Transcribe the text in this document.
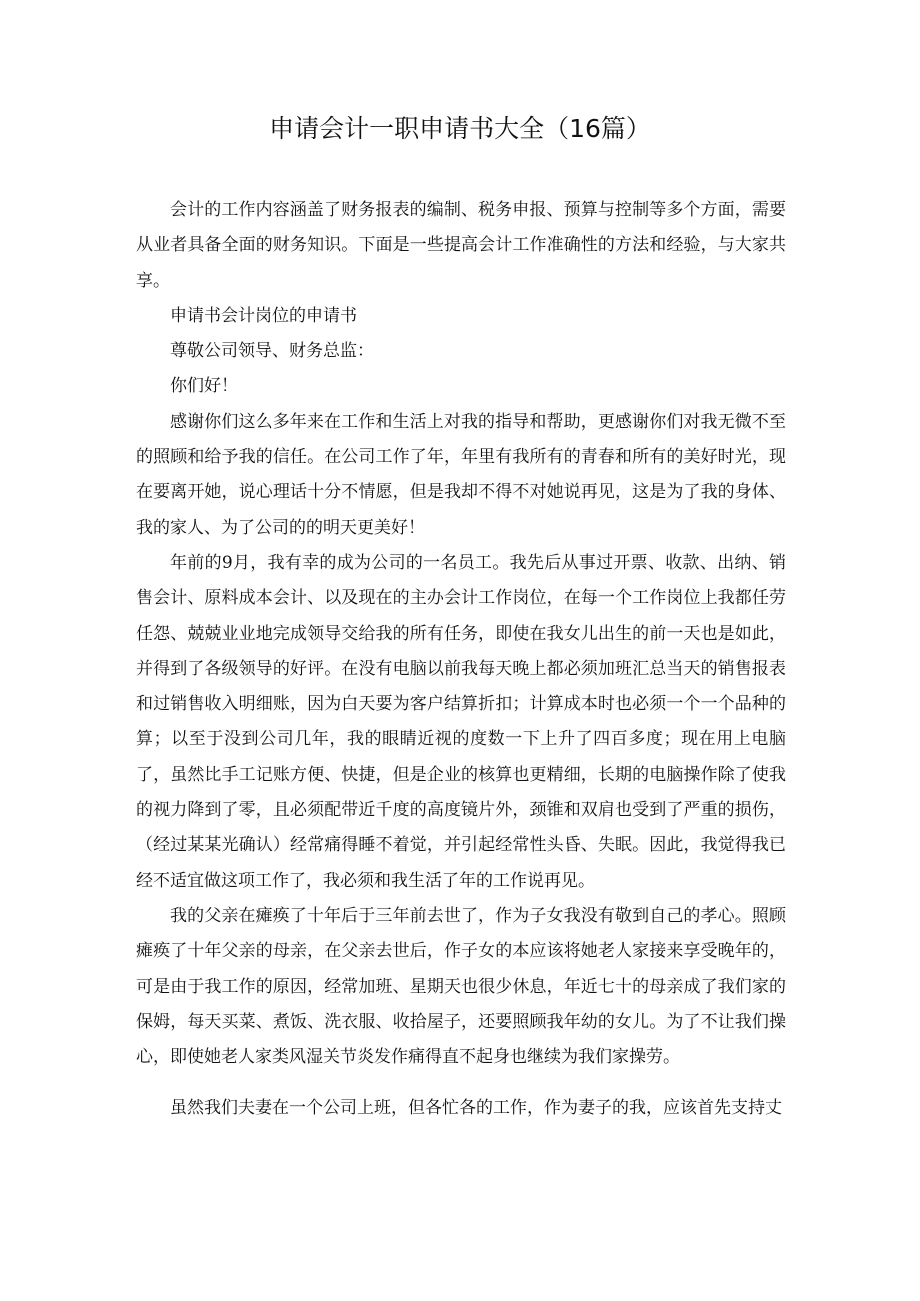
申请会计一职申请书大全（16篇）

会计的工作内容涵盖了财务报表的编制、税务申报、预算与控制等多个方面，需要从业者具备全面的财务知识。下面是一些提高会计工作准确性的方法和经验，与大家共享。

申请书会计岗位的申请书

尊敬公司领导、财务总监：

你们好！

感谢你们这么多年来在工作和生活上对我的指导和帮助，更感谢你们对我无微不至的照顾和给予我的信任。在公司工作了年，年里有我所有的青春和所有的美好时光，现在要离开她，说心理话十分不情愿，但是我却不得不对她说再见，这是为了我的身体、我的家人、为了公司的的明天更美好！

年前的9月，我有幸的成为公司的一名员工。我先后从事过开票、收款、出纳、销售会计、原料成本会计、以及现在的主办会计工作岗位，在每一个工作岗位上我都任劳任怨、兢兢业业地完成领导交给我的所有任务，即使在我女儿出生的前一天也是如此，并得到了各级领导的好评。在没有电脑以前我每天晚上都必须加班汇总当天的销售报表和过销售收入明细账，因为白天要为客户结算折扣；计算成本时也必须一个一个品种的算；以至于没到公司几年，我的眼睛近视的度数一下上升了四百多度；现在用上电脑了，虽然比手工记账方便、快捷，但是企业的核算也更精细，长期的电脑操作除了使我的视力降到了零，且必须配带近千度的高度镜片外，颈锥和双肩也受到了严重的损伤，（经过某某光确认）经常痛得睡不着觉，并引起经常性头昏、失眠。因此，我觉得我已经不适宜做这项工作了，我必须和我生活了年的工作说再见。

我的父亲在瘫痪了十年后于三年前去世了，作为子女我没有敬到自己的孝心。照顾瘫痪了十年父亲的母亲，在父亲去世后，作子女的本应该将她老人家接来享受晚年的，可是由于我工作的原因，经常加班、星期天也很少休息，年近七十的母亲成了我们家的保姆，每天买菜、煮饭、洗衣服、收拾屋子，还要照顾我年幼的女儿。为了不让我们操心，即使她老人家类风湿关节炎发作痛得直不起身也继续为我们家操劳。

虽然我们夫妻在一个公司上班，但各忙各的工作，作为妻子的我，应该首先支持丈
